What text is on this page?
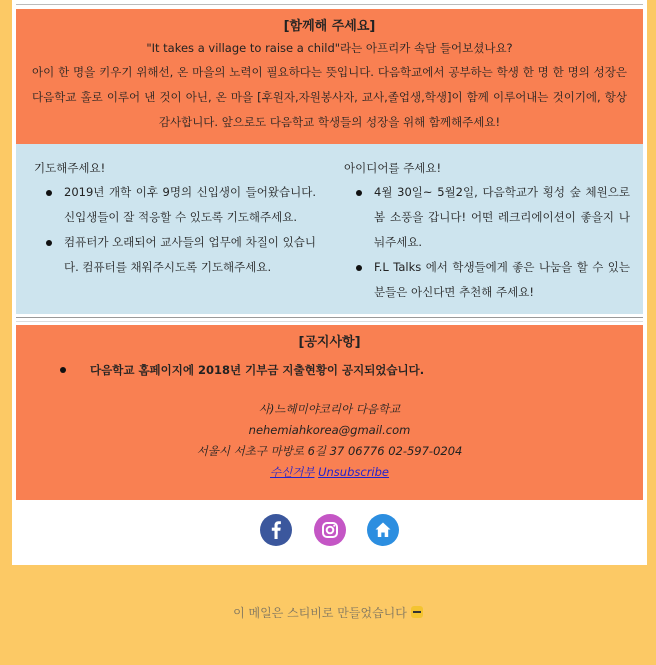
[함께해 주세요]
"It takes a village to raise a child"라는 아프리카 속담 들어보셨나요?
아이 한 명을 키우기 위해선, 온 마을의 노력이 필요하다는 뜻입니다. 다음학교에서 공부하는 학생 한 명 한 명의 성장은 다음학교 홀로 이루어 낸 것이 아닌, 온 마을 [후원자,자원봉사자, 교사,졸업생,학생]이 함께 이루어내는 것이기에, 항상 감사합니다. 앞으로도 다음학교 학생들의 성장을 위해 함께해주세요!
기도해주세요!
2019년 개학 이후 9명의 신입생이 들어왔습니다. 신입생들이 잘 적응할 수 있도록 기도해주세요.
컴퓨터가 오래되어 교사들의 업무에 차질이 있습니다. 컴퓨터를 채워주시도록 기도해주세요.
아이디어를 주세요!
4월 30일~ 5월2일, 다음학교가 횡성 숲 체원으로 봄 소풍을 갑니다! 어떤 레크리에이션이 좋을지 나눠주세요.
F.L Talks 에서 학생들에게 좋은 나눔을 할 수 있는 분들은 아신다면 추천해 주세요!
[공지사항]
다음학교 홈페이지에 2018년 기부금 지출현황이 공지되었습니다.
사)느헤미야코리아 다음학교
nehemiahkorea@gmail.com
서울시 서초구 마방로 6길 37 06776 02-597-0204
수신거부 Unsubscribe

이 메일은 스티비로 만들었습니다
